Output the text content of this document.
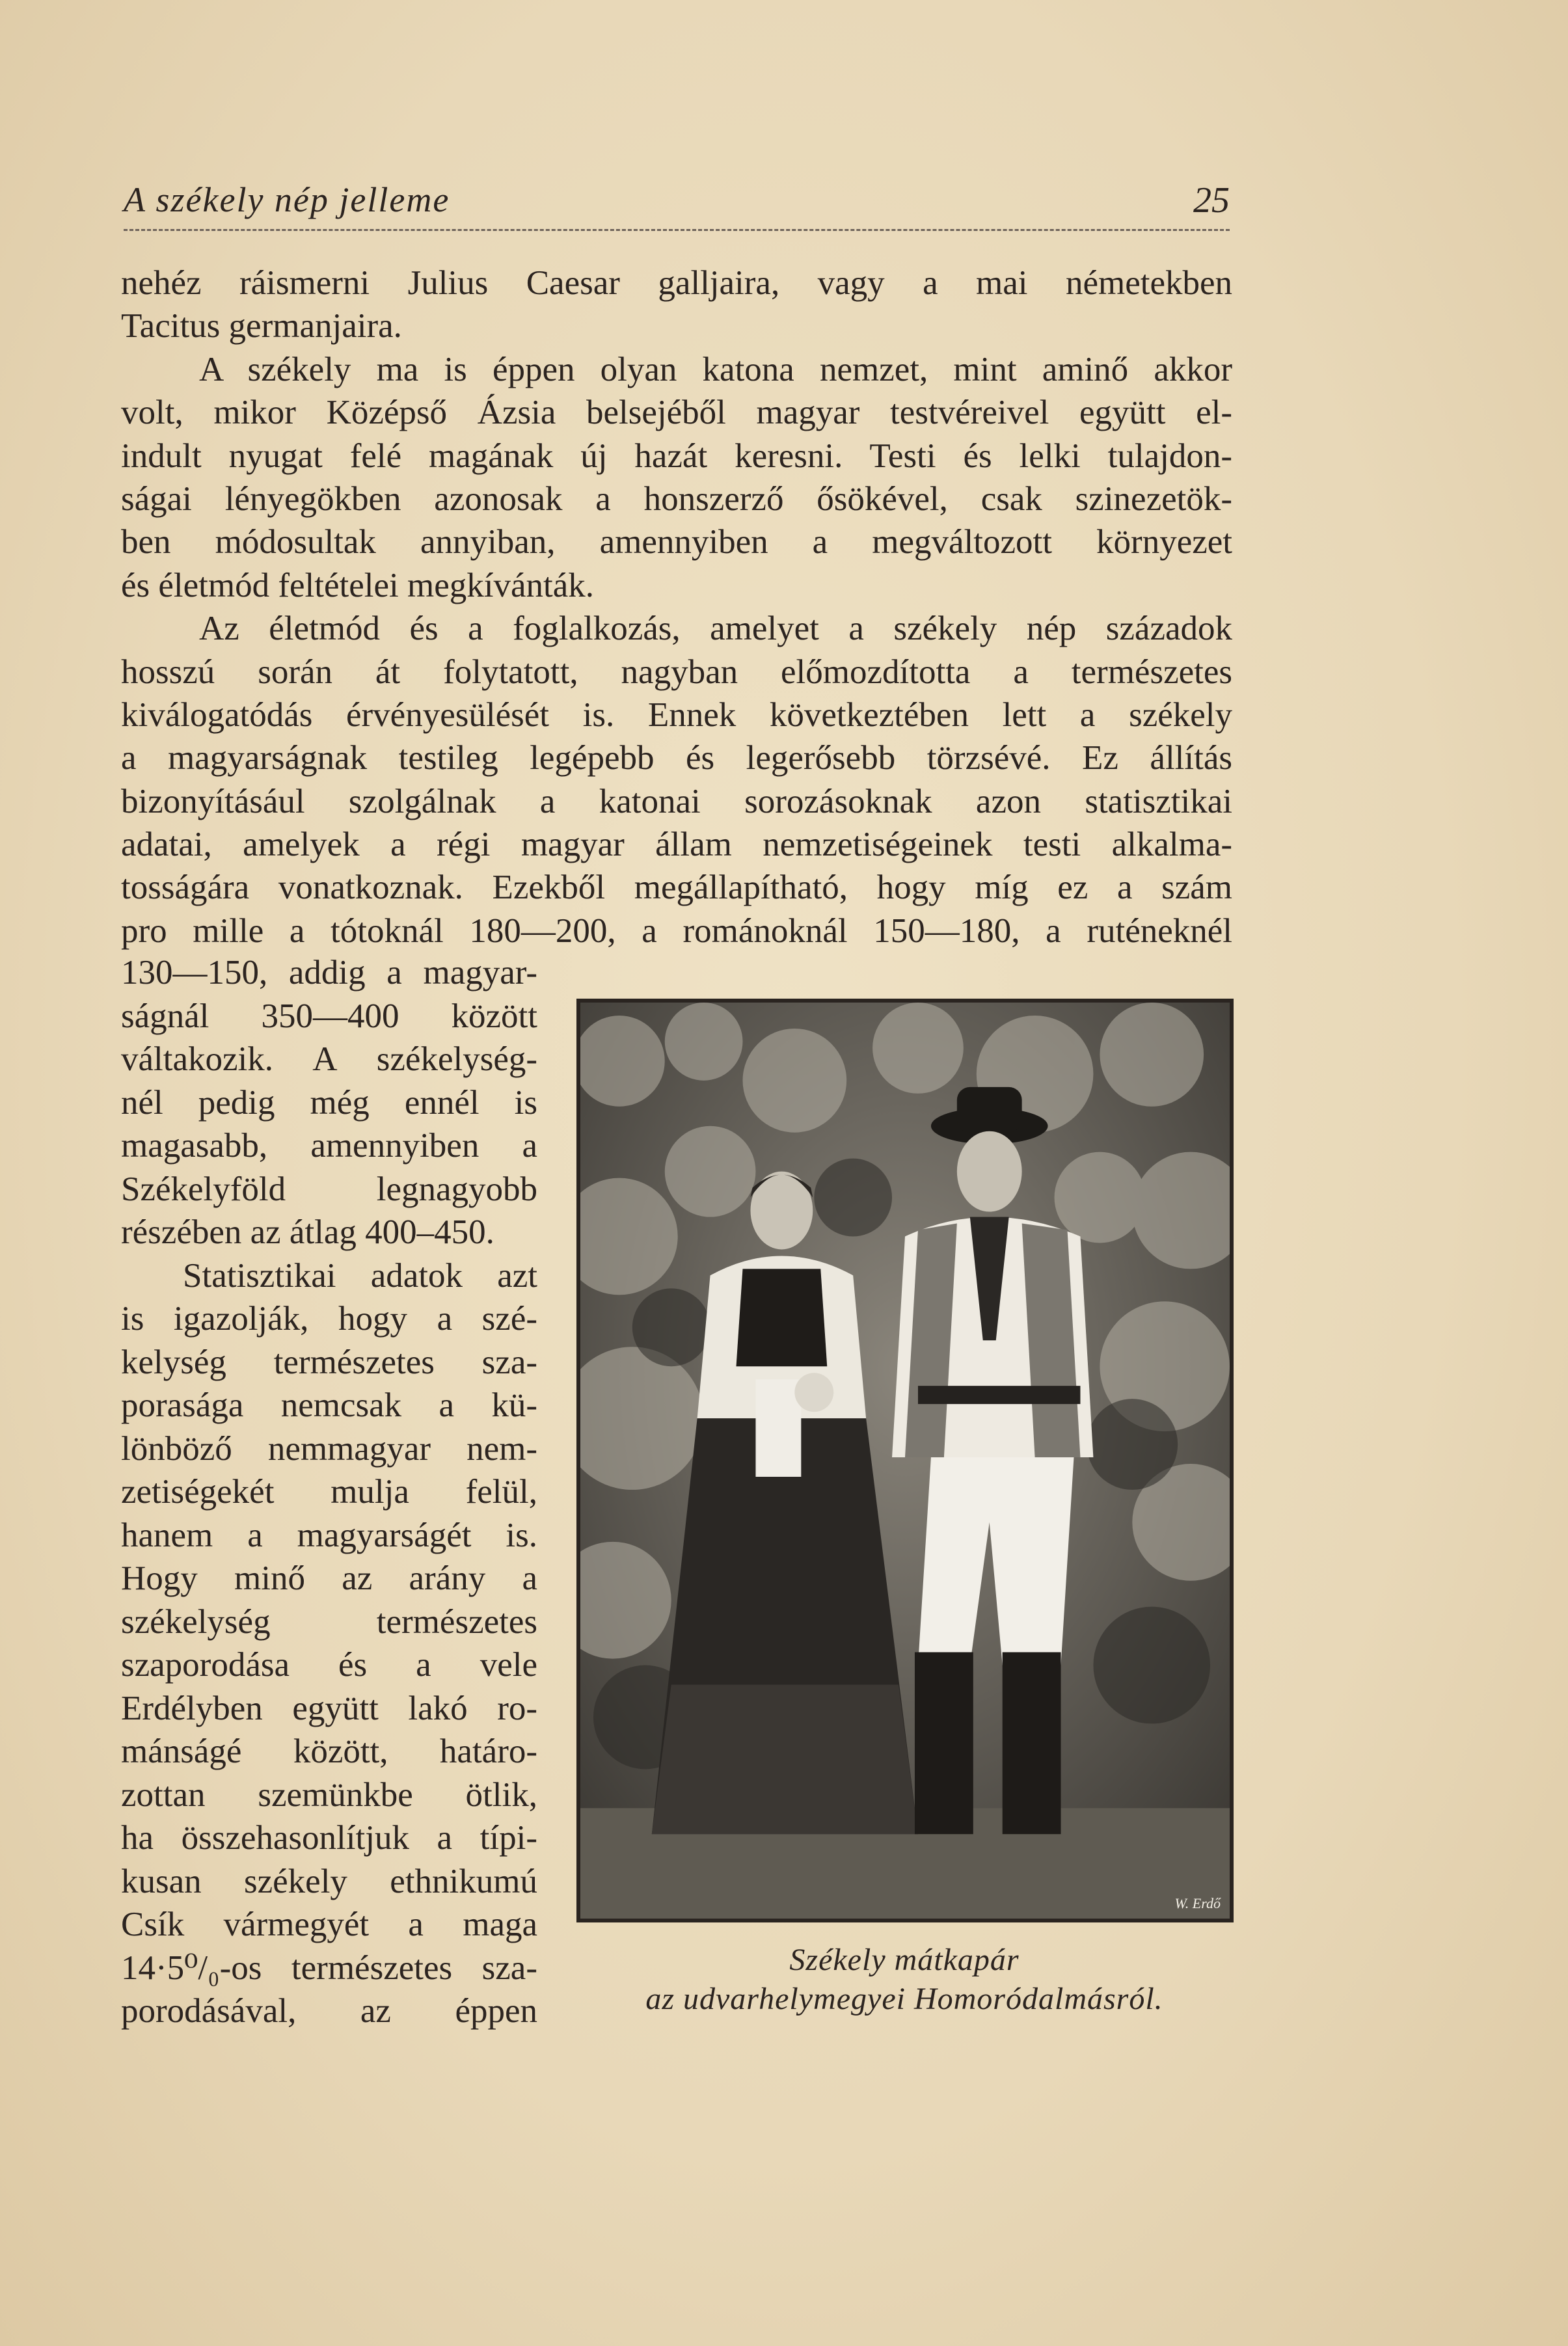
A székely nép jelleme	25
nehéz ráismerni Julius Caesar galljaira, vagy a mai németekben
Tacitus germanjaira.
A székely ma is éppen olyan katona nemzet, mint aminő akkor
volt, mikor Középső Ázsia belsejéből magyar testvéreivel együtt el-
indult nyugat felé magának új hazát keresni. Testi és lelki tulajdon-
ságai lényegökben azonosak a honszerző ősökével, csak szinezetök-
ben módosultak annyiban, amennyiben a megváltozott környezet
és életmód feltételei megkívánták.
Az életmód és a foglalkozás, amelyet a székely nép századok
hosszú során át folytatott, nagyban előmozdította a természetes
kiválogatódás érvényesülését is. Ennek következtében lett a székely
a magyarságnak testileg legépebb és legerősebb törzsévé. Ez állítás
bizonyításául szolgálnak a katonai sorozásoknak azon statisztikai
adatai, amelyek a régi magyar állam nemzetiségeinek testi alkalma-
tosságára vonatkoznak. Ezekből megállapítható, hogy míg ez a szám
pro mille a tótoknál 180—200, a románoknál 150—180, a ruténeknél
130—150, addig a magyar-
ságnál 350—400 között
váltakozik. A székelység-
nél pedig még ennél is
magasabb, amennyiben a
Székelyföld legnagyobb
részében az átlag 400–450.
Statisztikai adatok azt
is igazolják, hogy a szé-
kelység természetes sza-
porasága nemcsak a kü-
lönböző nemmagyar nem-
zetiségekét mulja felül,
hanem a magyarságét is.
Hogy minő az arány a
székelység természetes
szaporodása és a vele
Erdélyben együtt lakó ro-
mánságé között, határo-
zottan szemünkbe ötlik,
ha összehasonlítjuk a típi-
kusan székely ethnikumú
Csík vármegyét a maga
14·5⁰/₀-os természetes sza-
porodásával, az éppen
W. Erdő
Székely mátkapár
az udvarhelymegyei Homoródalmásról.
